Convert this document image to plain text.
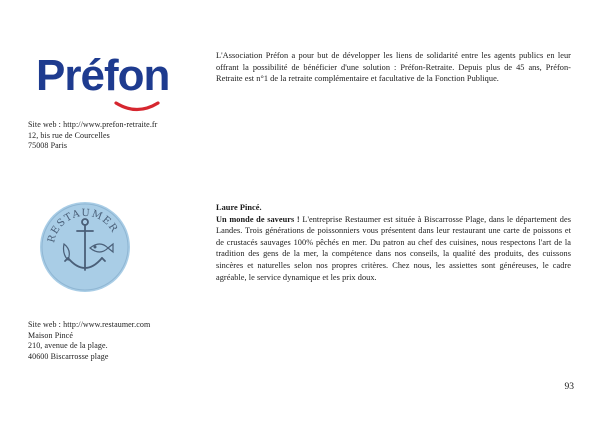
Préfon
Site web : http://www.prefon-retraite.fr
12, bis rue de Courcelles
75008 Paris

L'Association Préfon a pour but de développer les liens de solidarité entre les agents publics en leur offrant la possibilité de bénéficier d'une solution : Préfon-Retraite. Depuis plus de 45 ans, Préfon-Retraite est n°1 de la retraite complémentaire et facultative de la Fonction Publique.

RESTAUMER
Site web : http://www.restaumer.com
Maison Pincé
210, avenue de la plage.
40600 Biscarrosse plage

Laure Pincé.

Un monde de saveurs ! L'entreprise Restaumer est située à Biscarrosse Plage, dans le département des Landes. Trois générations de poissonniers vous présentent dans leur restaurant une carte de poissons et de crustacés sauvages 100% pêchés en mer. Du patron au chef des cuisines, nous respectons l'art de la tradition des gens de la mer, la compétence dans nos conseils, la qualité des produits, des cuissons sincères et naturelles selon nos propres critères. Chez nous, les assiettes sont généreuses, le cadre agréable, le service dynamique et les prix doux.

93
